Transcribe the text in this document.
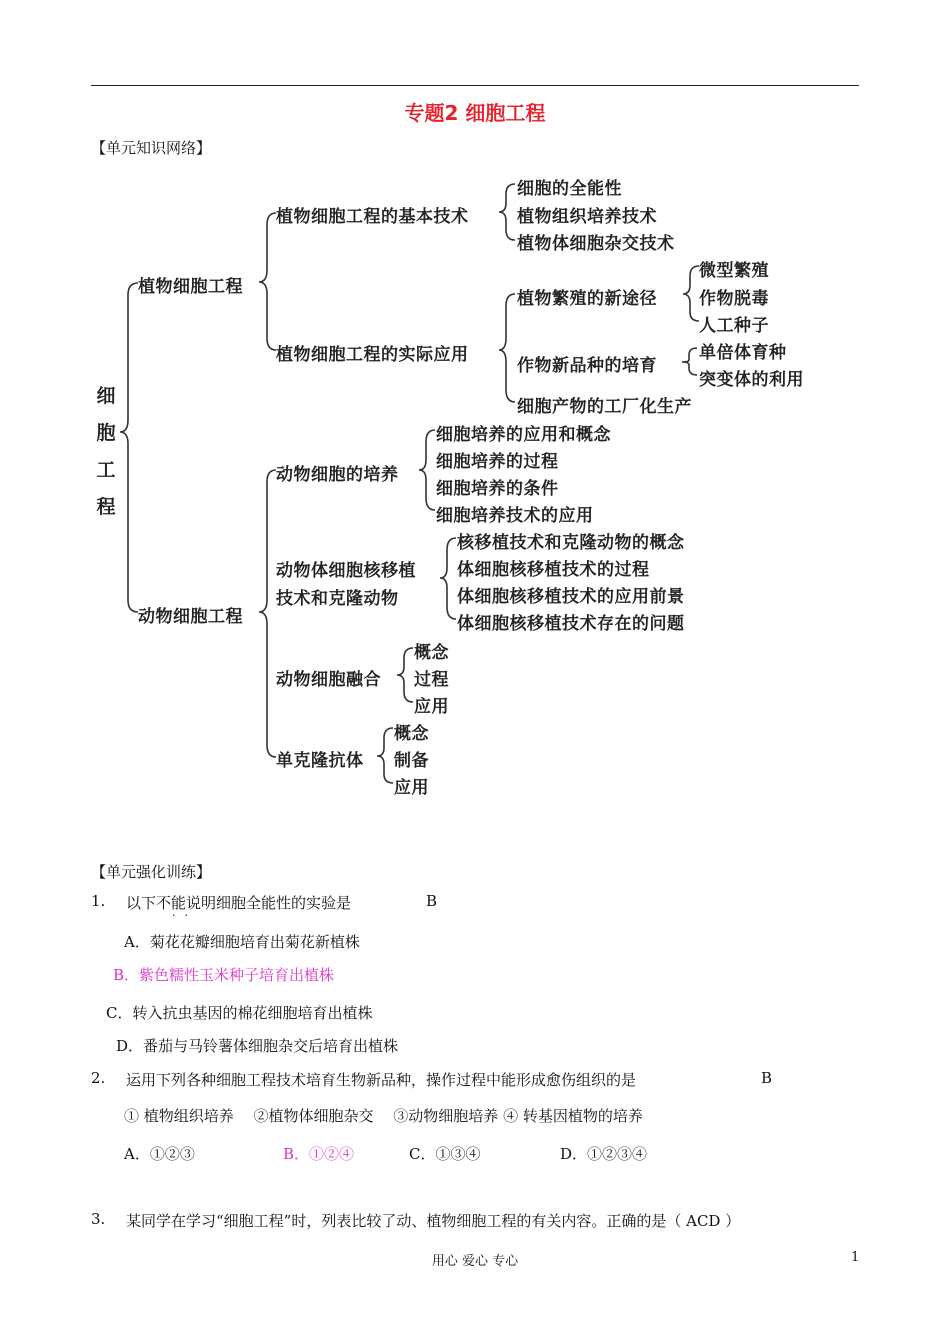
专题2 细胞工程
【单元知识网络】
细胞工程
植物细胞工程
植物细胞工程的基本技术
细胞的全能性
植物组织培养技术
植物体细胞杂交技术
植物细胞工程的实际应用
植物繁殖的新途径
微型繁殖
作物脱毒
人工种子
作物新品种的培育
单倍体育种
突变体的利用
细胞产物的工厂化生产
动物细胞工程
动物细胞的培养
细胞培养的应用和概念
细胞培养的过程
细胞培养的条件
细胞培养技术的应用
动物体细胞核移植
技术和克隆动物
核移植技术和克隆动物的概念
体细胞核移植技术的过程
体细胞核移植技术的应用前景
体细胞核移植技术存在的问题
动物细胞融合
概念
过程
应用
单克隆抗体
概念
制备
应用
【单元强化训练】
1. 以下不能说明细胞全能性的实验是
··
B
A．菊花花瓣细胞培育出菊花新植株
B．紫色糯性玉米种子培育出植株
C．转入抗虫基因的棉花细胞培育出植株
D．番茄与马铃薯体细胞杂交后培育出植株
2. 运用下列各种细胞工程技术培育生物新品种，操作过程中能形成愈伤组织的是	B
① 植物组织培养　 ②植物体细胞杂交 　③动物细胞培养 ④ 转基因植物的培养
A．①②③	B．①②④	C．①③④	D．①②③④
3. 某同学在学习“细胞工程”时，列表比较了动、植物细胞工程的有关内容。正确的是（ ACD ）
用心 爱心 专心	1
